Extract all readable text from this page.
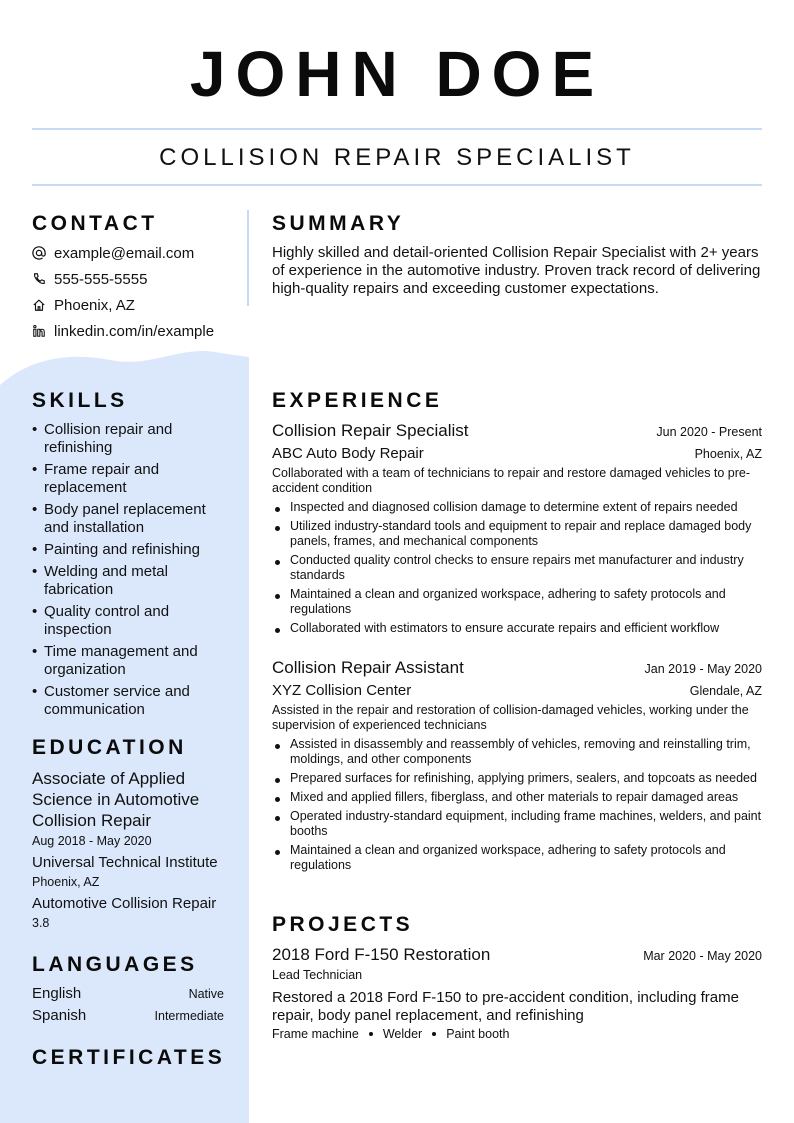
JOHN DOE
COLLISION REPAIR SPECIALIST
CONTACT
example@email.com
555-555-5555
Phoenix, AZ
linkedin.com/in/example
SKILLS
• Collision repair and refinishing
• Frame repair and replacement
• Body panel replacement and installation
• Painting and refinishing
• Welding and metal fabrication
• Quality control and inspection
• Time management and organization
• Customer service and communication
EDUCATION
Associate of Applied Science in Automotive Collision Repair
Aug 2018 - May 2020
Universal Technical Institute
Phoenix, AZ
Automotive Collision Repair
3.8
LANGUAGES
English	Native
Spanish	Intermediate
CERTIFICATES
SUMMARY
Highly skilled and detail-oriented Collision Repair Specialist with 2+ years of experience in the automotive industry. Proven track record of delivering high-quality repairs and exceeding customer expectations.
EXPERIENCE
Collision Repair Specialist	Jun 2020 - Present
ABC Auto Body Repair	Phoenix, AZ
Collaborated with a team of technicians to repair and restore damaged vehicles to pre-accident condition
Inspected and diagnosed collision damage to determine extent of repairs needed
Utilized industry-standard tools and equipment to repair and replace damaged body panels, frames, and mechanical components
Conducted quality control checks to ensure repairs met manufacturer and industry standards
Maintained a clean and organized workspace, adhering to safety protocols and regulations
Collaborated with estimators to ensure accurate repairs and efficient workflow
Collision Repair Assistant	Jan 2019 - May 2020
XYZ Collision Center	Glendale, AZ
Assisted in the repair and restoration of collision-damaged vehicles, working under the supervision of experienced technicians
Assisted in disassembly and reassembly of vehicles, removing and reinstalling trim, moldings, and other components
Prepared surfaces for refinishing, applying primers, sealers, and topcoats as needed
Mixed and applied fillers, fiberglass, and other materials to repair damaged areas
Operated industry-standard equipment, including frame machines, welders, and paint booths
Maintained a clean and organized workspace, adhering to safety protocols and regulations
PROJECTS
2018 Ford F-150 Restoration	Mar 2020 - May 2020
Lead Technician
Restored a 2018 Ford F-150 to pre-accident condition, including frame repair, body panel replacement, and refinishing
Frame machine Welder Paint booth
